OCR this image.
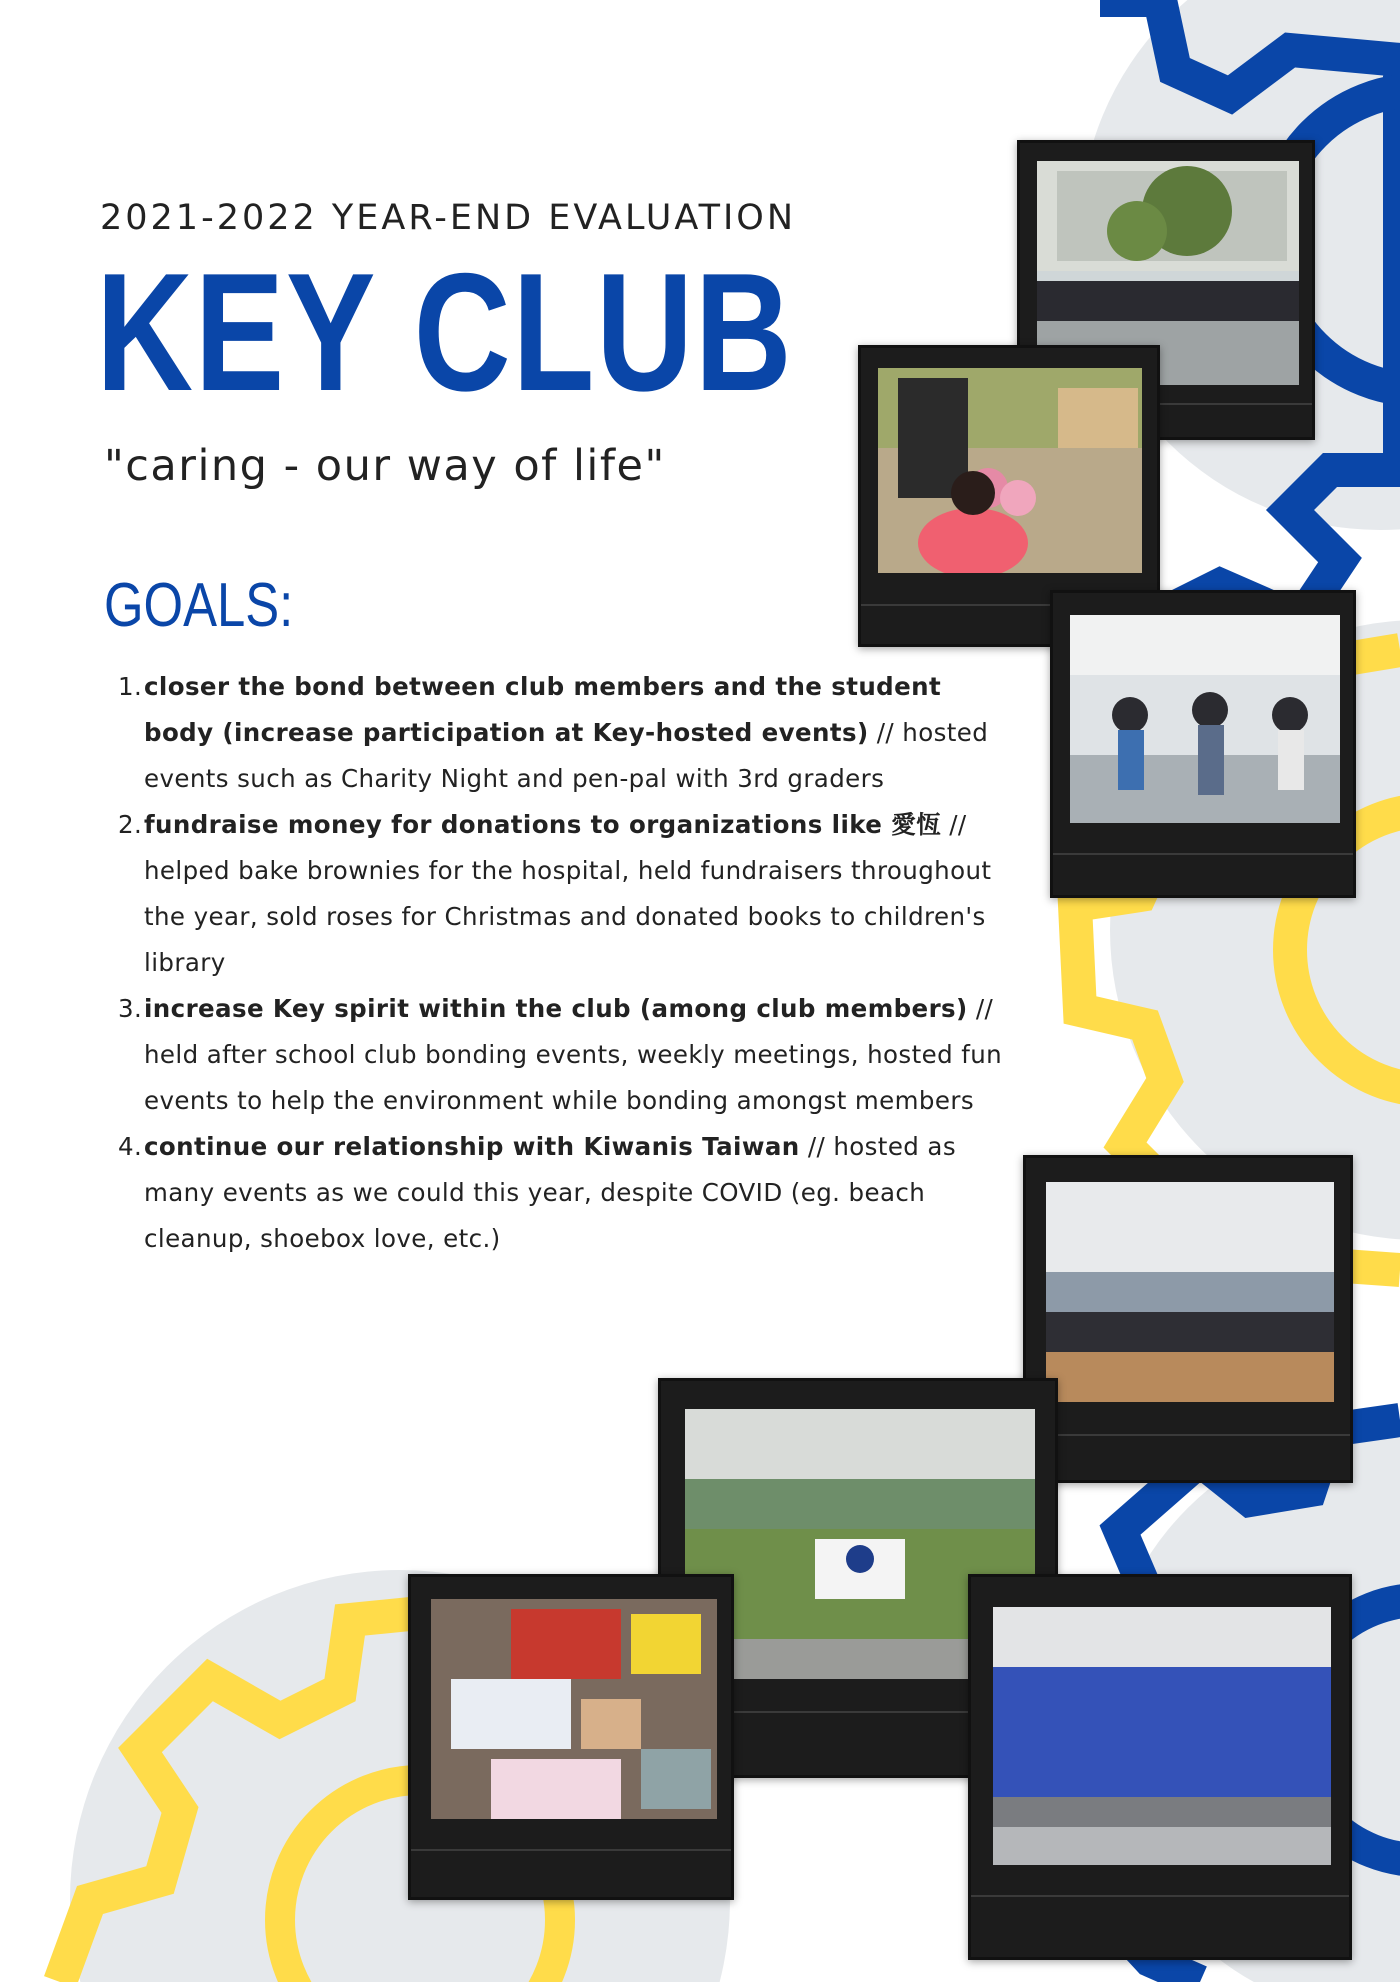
2021-2022 YEAR-END EVALUATION
KEY CLUB
"caring - our way of life"
GOALS:
1. closer the bond between club members and the student body (increase participation at Key-hosted events) // hosted events such as Charity Night and pen-pal with 3rd graders
2. fundraise money for donations to organizations like 愛恆 // helped bake brownies for the hospital, held fundraisers throughout the year, sold roses for Christmas and donated books to children's library
3. increase Key spirit within the club (among club members) // held after school club bonding events, weekly meetings, hosted fun events to help the environment while bonding amongst members
4. continue our relationship with Kiwanis Taiwan // hosted as many events as we could this year, despite COVID (eg. beach cleanup, shoebox love, etc.)
